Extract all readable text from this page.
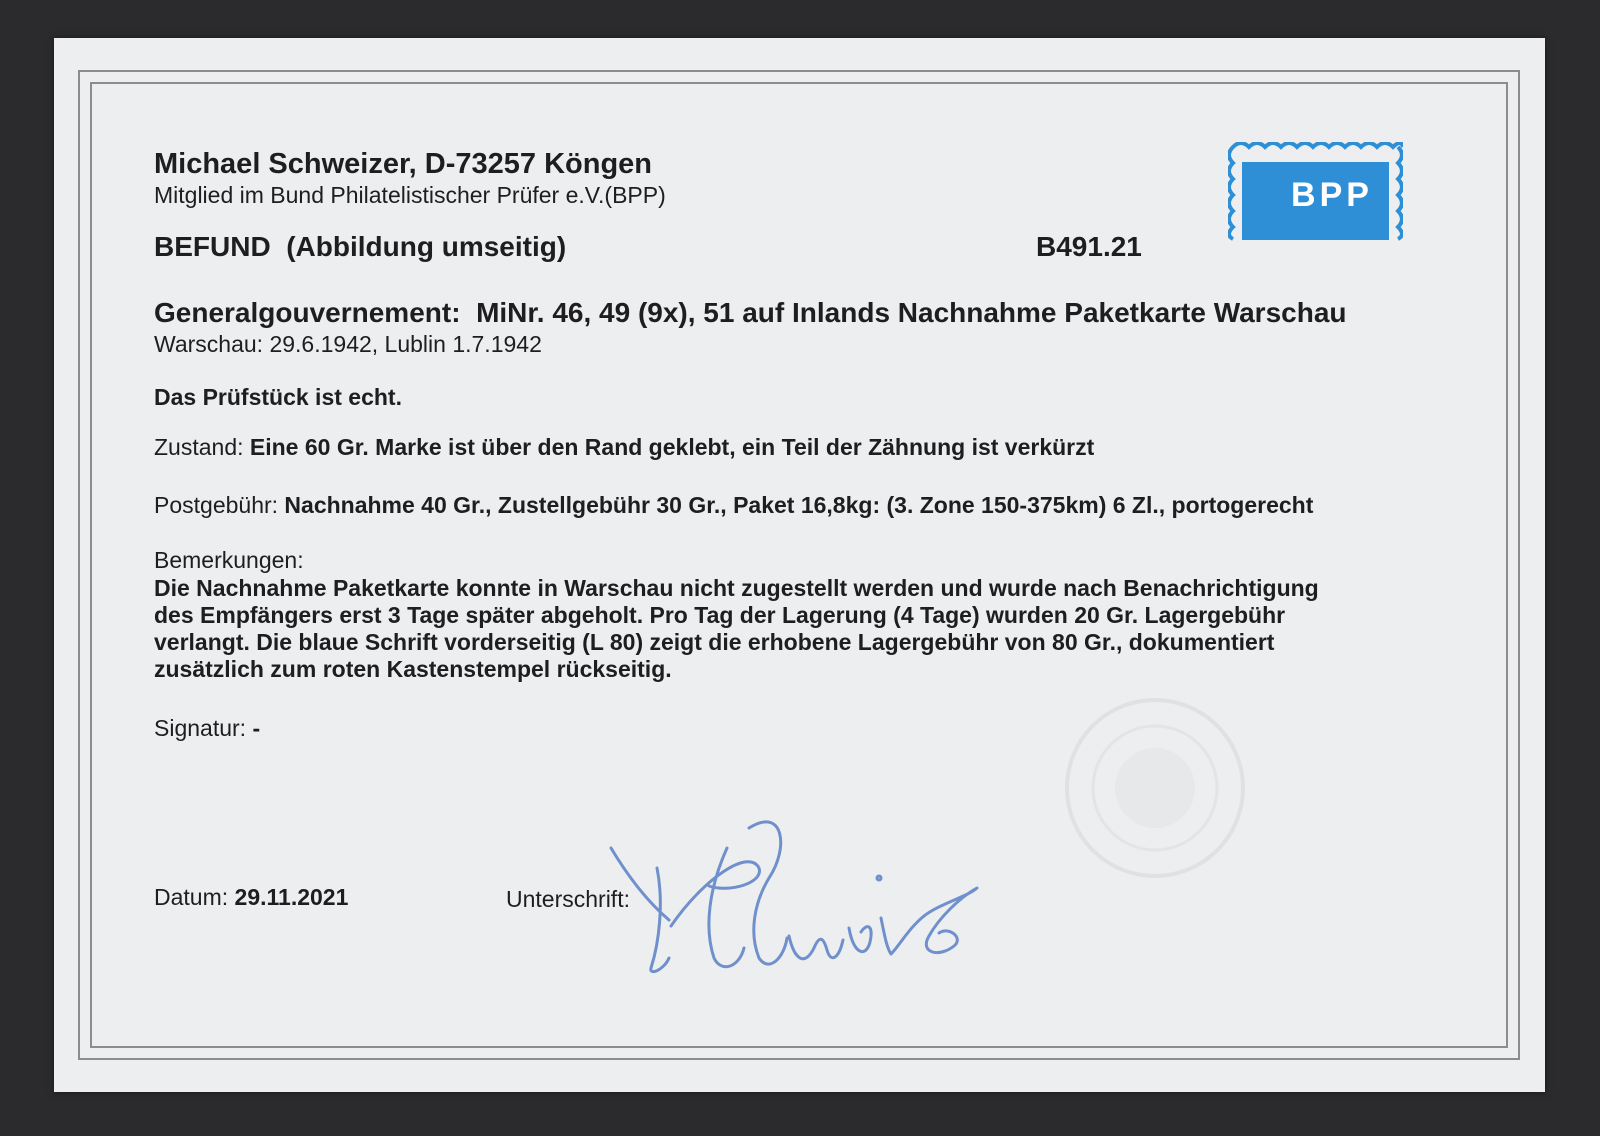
Michael Schweizer, D-73257 Köngen
Mitglied im Bund Philatelistischer Prüfer e.V.(BPP)	BPP
BEFUND  (Abbildung umseitig)	B491.21
Generalgouvernement:  MiNr. 46, 49 (9x), 51 auf Inlands Nachnahme Paketkarte Warschau
Warschau: 29.6.1942, Lublin 1.7.1942
Das Prüfstück ist echt.
Zustand: Eine 60 Gr. Marke ist über den Rand geklebt, ein Teil der Zähnung ist verkürzt
Postgebühr: Nachnahme 40 Gr., Zustellgebühr 30 Gr., Paket 16,8kg: (3. Zone 150-375km) 6 Zl., portogerecht
Bemerkungen:
Die Nachnahme Paketkarte konnte in Warschau nicht zugestellt werden und wurde nach Benachrichtigung
des Empfängers erst 3 Tage später abgeholt. Pro Tag der Lagerung (4 Tage) wurden 20 Gr. Lagergebühr
verlangt. Die blaue Schrift vorderseitig (L 80) zeigt die erhobene Lagergebühr von 80 Gr., dokumentiert
zusätzlich zum roten Kastenstempel rückseitig.
Signatur: -
Datum: 29.11.2021	Unterschrift:
